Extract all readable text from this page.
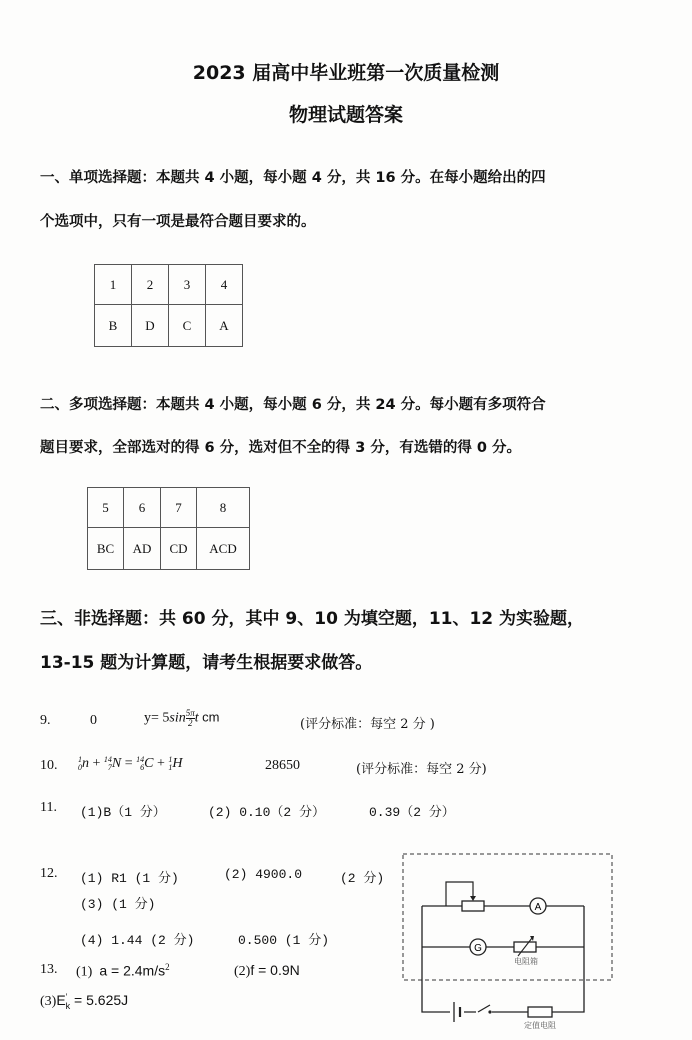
2023 届高中毕业班第一次质量检测
物理试题答案
一、单项选择题：本题共 4 小题，每小题 4 分，共 16 分。在每小题给出的四
个选项中，只有一项是最符合题目要求的。
1	2	3	4
B	D	C	A
二、多项选择题：本题共 4 小题，每小题 6 分，共 24 分。每小题有多项符合
题目要求，全部选对的得 6 分，选对但不全的得 3 分，有选错的得 0 分。
5	6	7	8
BC	AD	CD	ACD
三、非选择题：共 60 分，其中 9、10 为填空题，11、12 为实验题，
13-15 题为计算题，请考生根据要求做答。
9.	0	$y= 5\sin \frac{5\pi}{2}$ t cm	(评分标准：每空 2 分 )
10.	1
0 n + 14
7 N = 14
6 C + 1
1 H	28650	(评分标准：每空 2 分)
11. (1)B（1 分）	(2) 0.10（2 分）	0.39（2 分）
12. (1) R1 (1 分)	(2) 4900.0	(2 分)
(3) (1 分)
(4) 1.44 (2 分)	0.500 (1 分)
13. (1) $a = 2.4m/s^2$	(2)f = 0.9N
(3)E '
k = 5.625J
A
G
电阻箱
定值电阻
